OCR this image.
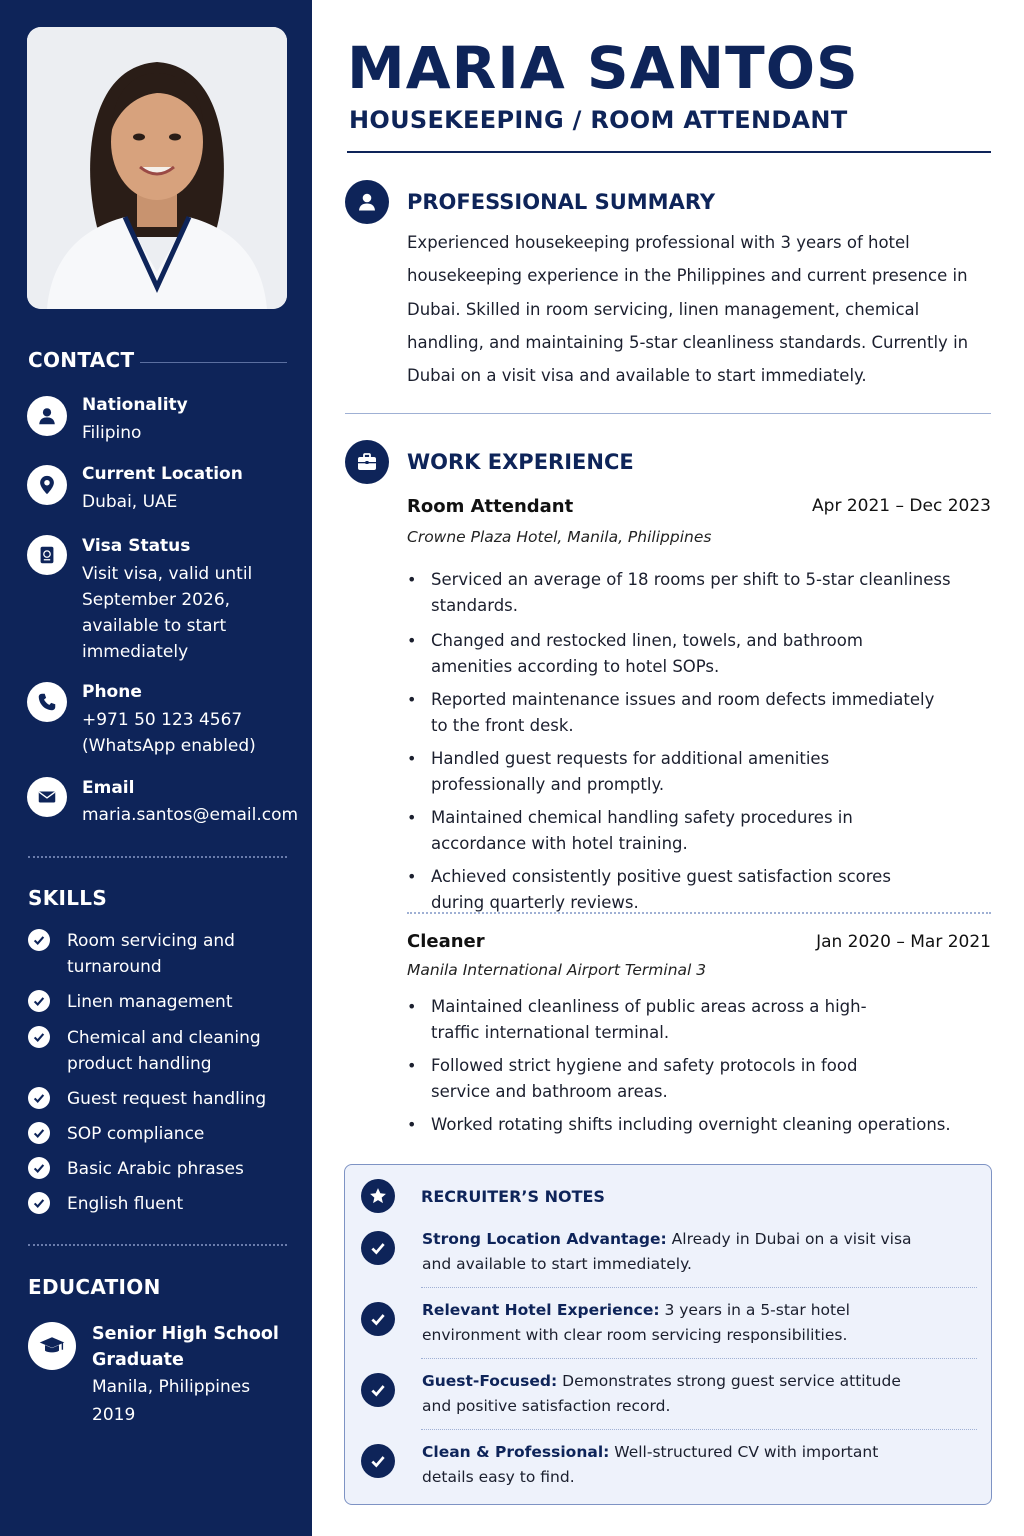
CONTACT
Nationality
Filipino
Current Location
Dubai, UAE
Visa Status
Visit visa, valid until September 2026, available to start immediately
Phone
+971 50 123 4567 (WhatsApp enabled)
Email
maria.santos@email.com
SKILLS
Room servicing and turnaround
Linen management
Chemical and cleaning product handling
Guest request handling
SOP compliance
Basic Arabic phrases
English fluent
EDUCATION
Senior High School Graduate
Manila, Philippines
2019
MARIA SANTOS
HOUSEKEEPING / ROOM ATTENDANT
PROFESSIONAL SUMMARY
Experienced housekeeping professional with 3 years of hotel housekeeping experience in the Philippines and current presence in Dubai. Skilled in room servicing, linen management, chemical handling, and maintaining 5-star cleanliness standards. Currently in Dubai on a visit visa and available to start immediately.
WORK EXPERIENCE
Room Attendant	Apr 2021 – Dec 2023
Crowne Plaza Hotel, Manila, Philippines
• Serviced an average of 18 rooms per shift to 5-star cleanliness standards.
• Changed and restocked linen, towels, and bathroom amenities according to hotel SOPs.
• Reported maintenance issues and room defects immediately to the front desk.
• Handled guest requests for additional amenities professionally and promptly.
• Maintained chemical handling safety procedures in accordance with hotel training.
• Achieved consistently positive guest satisfaction scores during quarterly reviews.
Cleaner	Jan 2020 – Mar 2021
Manila International Airport Terminal 3
• Maintained cleanliness of public areas across a high-traffic international terminal.
• Followed strict hygiene and safety protocols in food service and bathroom areas.
• Worked rotating shifts including overnight cleaning operations.
RECRUITER’S NOTES
Strong Location Advantage: Already in Dubai on a visit visa and available to start immediately.
Relevant Hotel Experience: 3 years in a 5-star hotel environment with clear room servicing responsibilities.
Guest-Focused: Demonstrates strong guest service attitude and positive satisfaction record.
Clean & Professional: Well-structured CV with important details easy to find.
